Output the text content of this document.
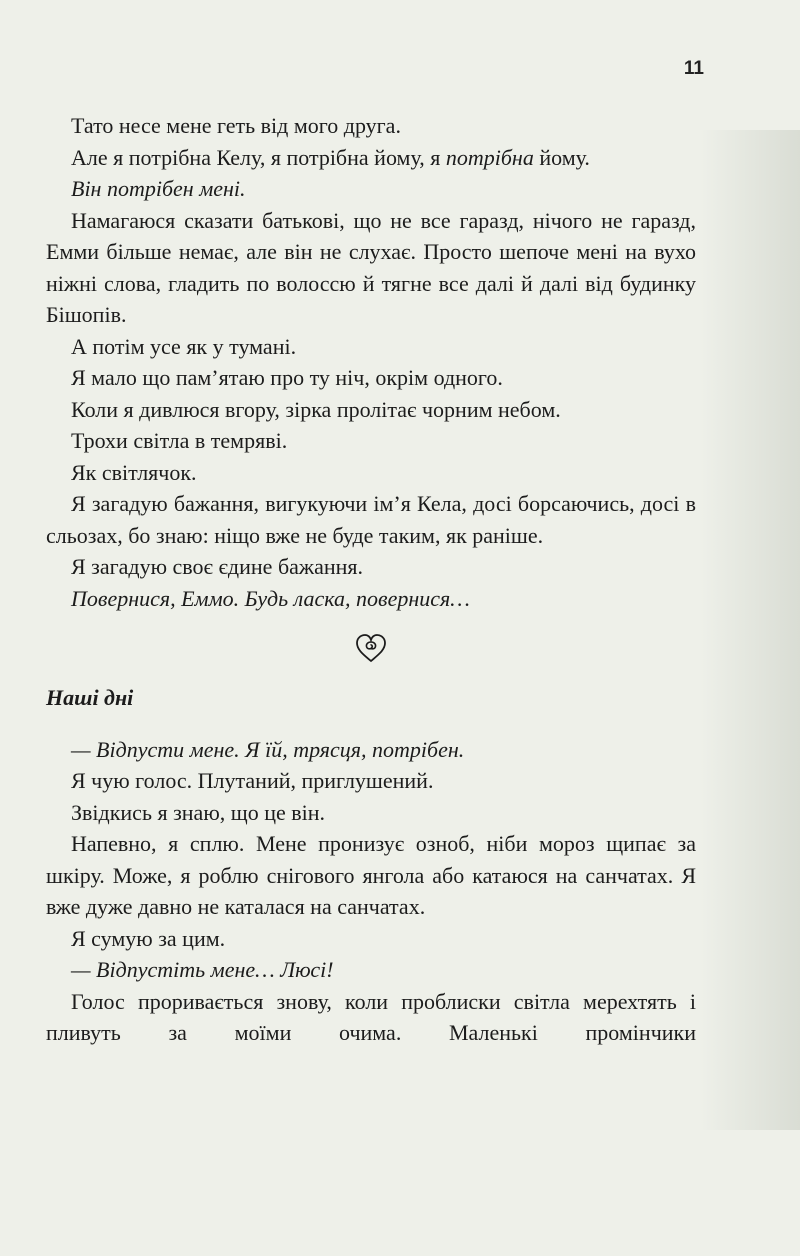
11

Тато несе мене геть від мого друга.

Але я потрібна Келу, я потрібна йому, я потрібна йому.

Він потрібен мені.

Намагаюся сказати батькові, що не все гаразд, нічого не гаразд, Емми більше немає, але він не слухає. Просто шепоче мені на вухо ніжні слова, гладить по волоссю й тягне все далі й далі від будинку Бішопів.

А потім усе як у тумані.

Я мало що пам’ятаю про ту ніч, окрім одного.

Коли я дивлюся вгору, зірка пролітає чорним небом.

Трохи світла в темряві.

Як світлячок.

Я загадую бажання, вигукуючи ім’я Кела, досі борсаючись, досі в сльозах, бо знаю: ніщо вже не буде таким, як раніше.

Я загадую своє єдине бажання.

Повернися, Еммо. Будь ласка, повернися…

Наші дні

— Відпусти мене. Я їй, трясця, потрібен.

Я чую голос. Плутаний, приглушений.

Звідкись я знаю, що це він.

Напевно, я сплю. Мене пронизує озноб, ніби мороз щипає за шкіру. Може, я роблю снігового янгола або катаюся на санчатах. Я вже дуже давно не каталася на санчатах.

Я сумую за цим.

— Відпустіть мене… Люсі!

Голос проривається знову, коли проблиски світла мерехтять і пливуть за моїми очима. Маленькі промінчики
